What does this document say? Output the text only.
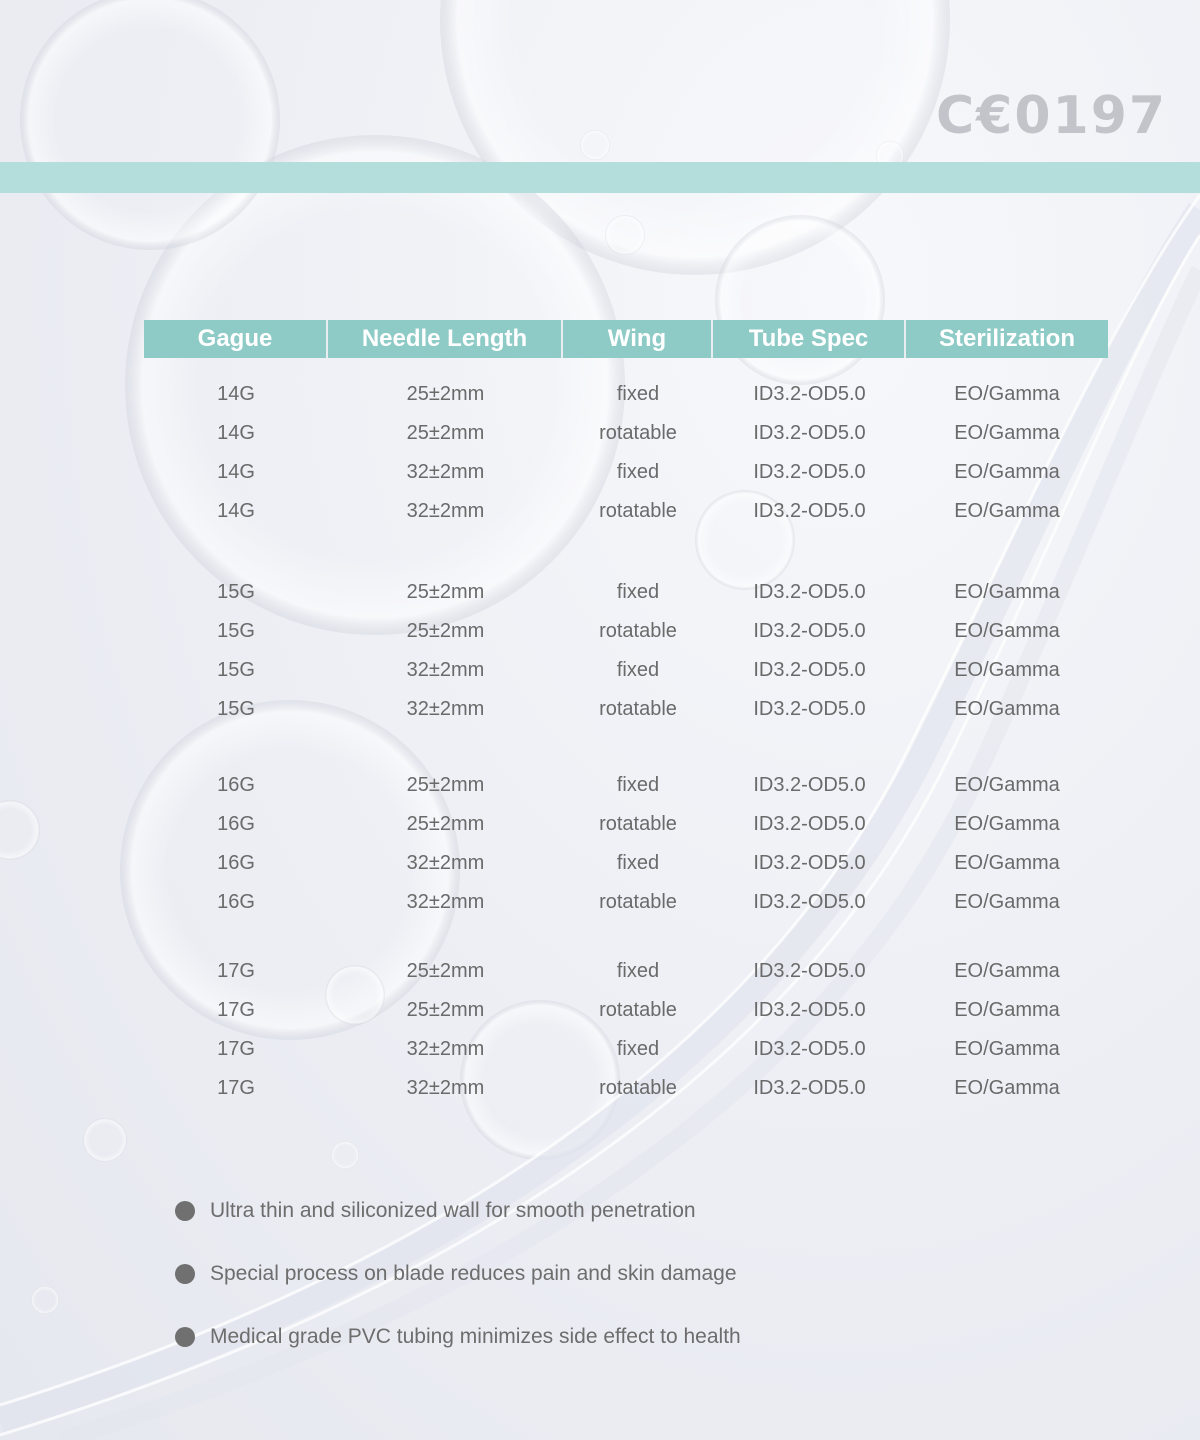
C€0197
Gague	Needle Length	Wing	Tube Spec	Sterilization
14G	25±2mm	fixed	ID3.2-OD5.0	EO/Gamma
14G	25±2mm	rotatable	ID3.2-OD5.0	EO/Gamma
14G	32±2mm	fixed	ID3.2-OD5.0	EO/Gamma
14G	32±2mm	rotatable	ID3.2-OD5.0	EO/Gamma
15G	25±2mm	fixed	ID3.2-OD5.0	EO/Gamma
15G	25±2mm	rotatable	ID3.2-OD5.0	EO/Gamma
15G	32±2mm	fixed	ID3.2-OD5.0	EO/Gamma
15G	32±2mm	rotatable	ID3.2-OD5.0	EO/Gamma
16G	25±2mm	fixed	ID3.2-OD5.0	EO/Gamma
16G	25±2mm	rotatable	ID3.2-OD5.0	EO/Gamma
16G	32±2mm	fixed	ID3.2-OD5.0	EO/Gamma
16G	32±2mm	rotatable	ID3.2-OD5.0	EO/Gamma
17G	25±2mm	fixed	ID3.2-OD5.0	EO/Gamma
17G	25±2mm	rotatable	ID3.2-OD5.0	EO/Gamma
17G	32±2mm	fixed	ID3.2-OD5.0	EO/Gamma
17G	32±2mm	rotatable	ID3.2-OD5.0	EO/Gamma
Ultra thin and siliconized wall for smooth penetration
Special process on blade reduces pain and skin damage
Medical grade PVC tubing minimizes side effect to health
